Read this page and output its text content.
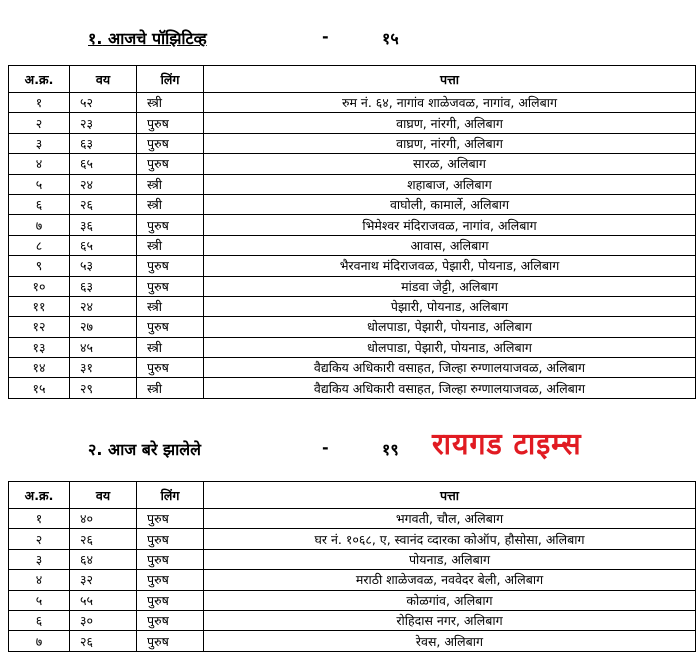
१. आजचे पॉझिटिव्ह	-	१५
अ.क्र.	वय	लिंग	पत्ता
१	५२	स्त्री	रुम नं. ६४, नागांव शाळेजवळ, नागांव, अलिबाग
२	२३	पुरुष	वाघ्रण, नांरगी, अलिबाग
३	६३	पुरुष	वाघ्रण, नांरगी, अलिबाग
४	६५	पुरुष	सारळ, अलिबाग
५	२४	स्त्री	शहाबाज, अलिबाग
६	२६	स्त्री	वाघोली, कामार्ले, अलिबाग
७	३६	पुरुष	भिमेश्वर मंदिराजवळ, नागांव, अलिबाग
८	६५	स्त्री	आवास, अलिबाग
९	५३	पुरुष	भैरवनाथ मंदिराजवळ, पेझारी, पोयनाड, अलिबाग
१०	६३	पुरुष	मांडवा जेट्टी, अलिबाग
११	२४	स्त्री	पेझारी, पोयनाड, अलिबाग
१२	२७	पुरुष	धोलपाडा, पेझारी, पोयनाड, अलिबाग
१३	४५	स्त्री	धोलपाडा, पेझारी, पोयनाड, अलिबाग
१४	३१	पुरुष	वैद्यकिय अधिकारी वसाहत, जिल्हा रुग्णालयाजवळ, अलिबाग
१५	२९	स्त्री	वैद्यकिय अधिकारी वसाहत, जिल्हा रुग्णालयाजवळ, अलिबाग
२. आज बरे झालेले	-	१९ रायगड टाइम्स
अ.क्र.	वय	लिंग	पत्ता
१	४०	पुरुष	भगवती, चौल, अलिबाग
२	२६	पुरुष	घर नं. १०६८, ए, स्वानंद व्दारका कोऑप, हौसोसा, अलिबाग
३	६४	पुरुष	पोयनाड, अलिबाग
४	३२	पुरुष	मराठी शाळेजवळ, नववेदर बेली, अलिबाग
५	५५	पुरुष	कोळगांव, अलिबाग
६	३०	पुरुष	रोहिदास नगर, अलिबाग
७	२६	पुरुष	रेवस, अलिबाग
